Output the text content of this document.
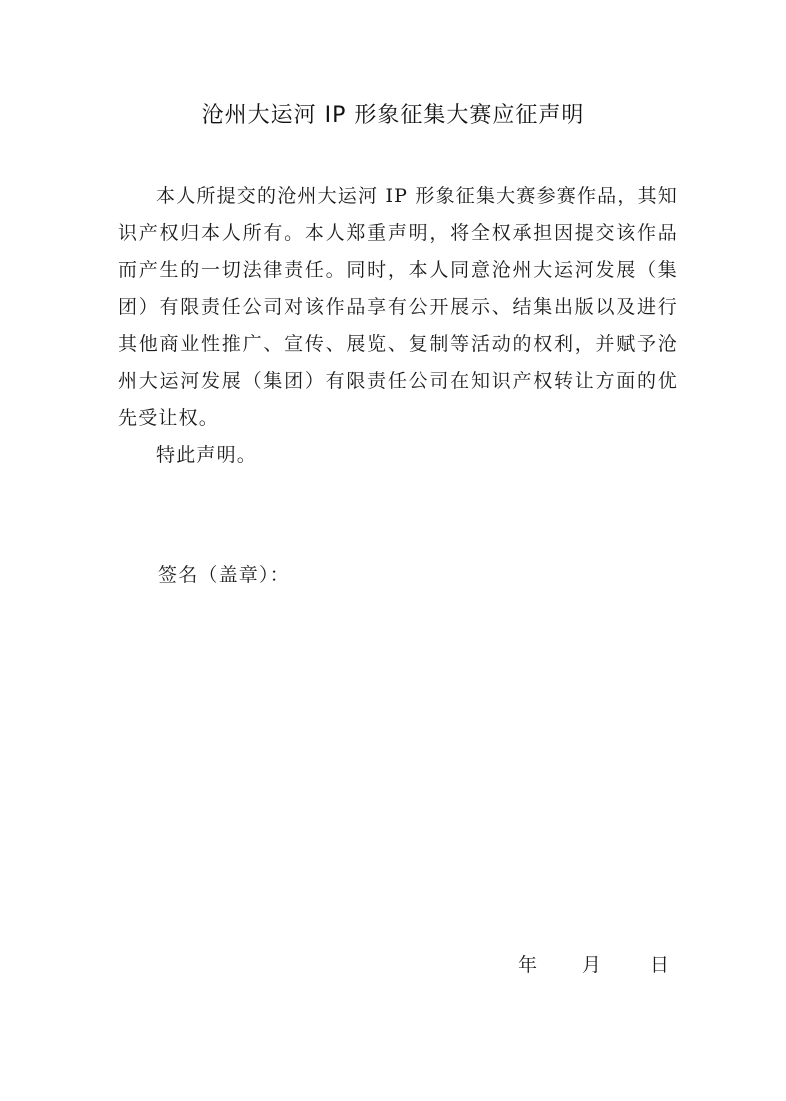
沧州大运河 IP 形象征集大赛应征声明

本人所提交的沧州大运河 IP 形象征集大赛参赛作品，其知识产权归本人所有。本人郑重声明，将全权承担因提交该作品而产生的一切法律责任。同时，本人同意沧州大运河发展（集团）有限责任公司对该作品享有公开展示、结集出版以及进行其他商业性推广、宣传、展览、复制等活动的权利，并赋予沧州大运河发展（集团）有限责任公司在知识产权转让方面的优先受让权。

特此声明。

签名（盖章）：

年	月	日
